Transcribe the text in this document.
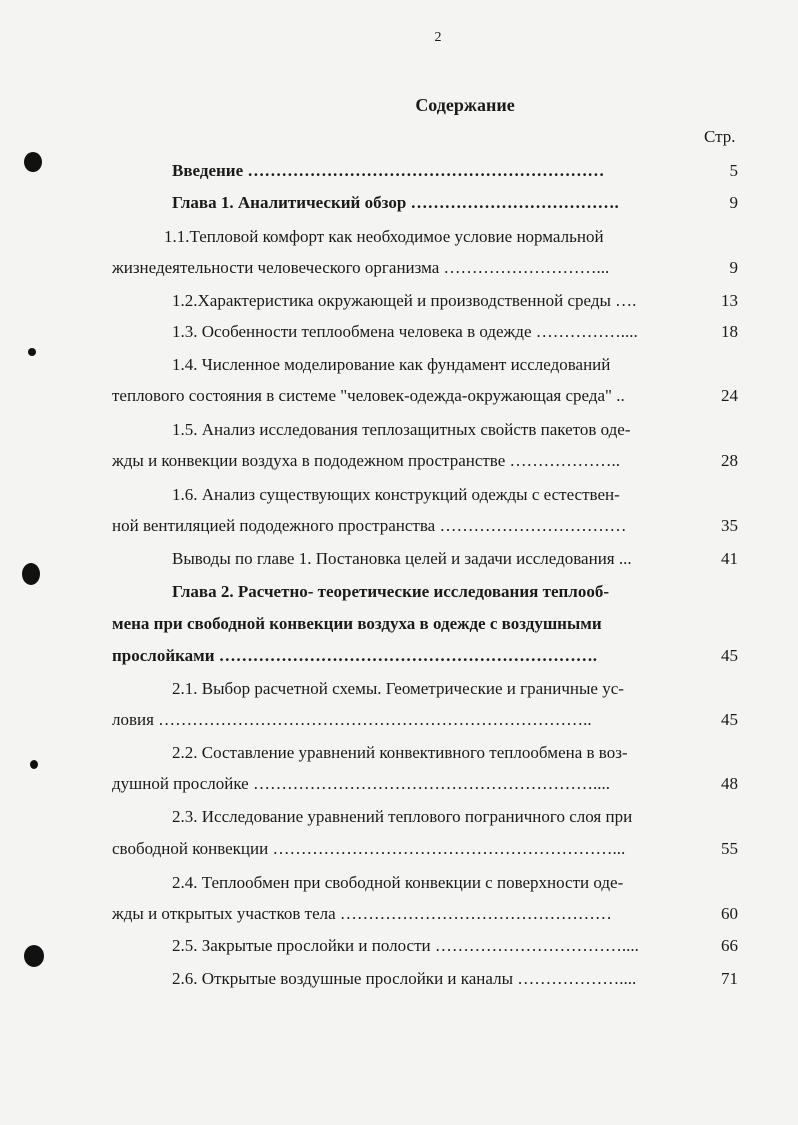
2
Содержание
Стр.
Введение ………………………………………………………	5
Глава 1. Аналитический обзор ……………………………….	9
1.1.Тепловой комфорт как необходимое условие нормальной
жизнедеятельности человеческого организма ………………………...	9
1.2.Характеристика окружающей и производственной среды ….	13
1.3. Особенности теплообмена человека в одежде ……………....	18
1.4. Численное моделирование как фундамент исследований
теплового состояния в системе "человек-одежда-окружающая среда" ..	24
1.5. Анализ исследования теплозащитных свойств пакетов оде-
жды и конвекции воздуха в пододежном пространстве ………………..	28
1.6. Анализ существующих конструкций одежды с естествен-
ной вентиляцией пододежного пространства ……………………………	35
Выводы по главе 1. Постановка целей и задачи исследования ...	41
Глава 2. Расчетно- теоретические исследования теплооб-
мена при свободной конвекции воздуха в одежде с воздушными
прослойками ………………………………………………………….	45
2.1. Выбор расчетной схемы. Геометрические и граничные ус-
ловия …………………………………………………………………..	45
2.2. Составление уравнений конвективного теплообмена в воз-
душной прослойке ……………………………………………………....	48
2.3. Исследование уравнений теплового пограничного слоя при
свободной конвекции ……………………………………………………...	55
2.4. Теплообмен при свободной конвекции с поверхности оде-
жды и открытых участков тела …………………………………………	60
2.5. Закрытые прослойки и полости ……………………………....	66
2.6. Открытые воздушные прослойки и каналы ………………....	71
